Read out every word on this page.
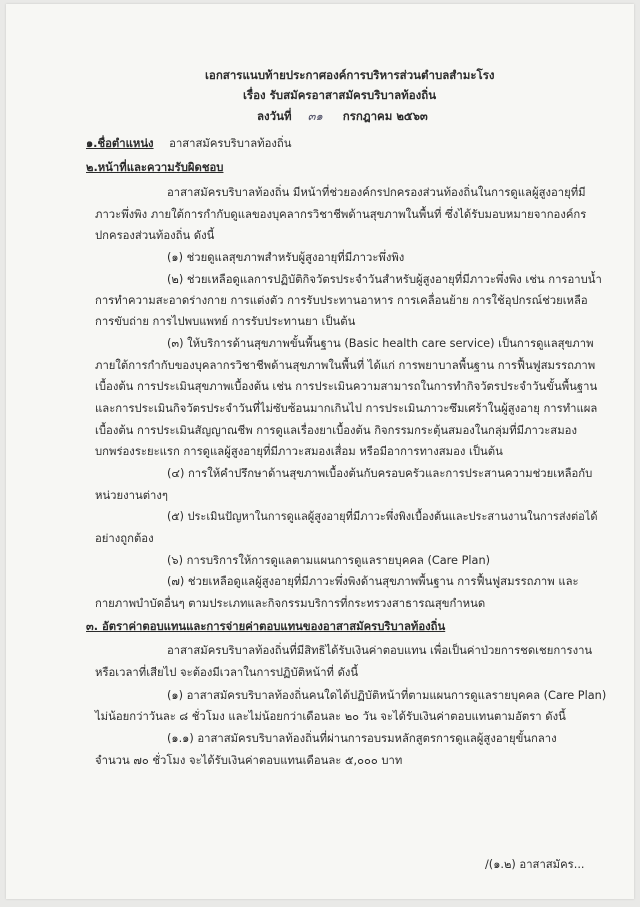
เอกสารแนบท้ายประกาศองค์การบริหารส่วนตำบลสำมะโรง
เรื่อง รับสมัครอาสาสมัครบริบาลท้องถิ่น
ลงวันที่ ๓๑ กรกฎาคม ๒๕๖๓
๑.ชื่อตำแหน่ง อาสาสมัครบริบาลท้องถิ่น
๒.หน้าที่และความรับผิดชอบ
อาสาสมัครบริบาลท้องถิ่น มีหน้าที่ช่วยองค์กรปกครองส่วนท้องถิ่นในการดูแลผู้สูงอายุที่มี
ภาวะพึ่งพิง ภายใต้การกำกับดูแลของบุคลากรวิชาชีพด้านสุขภาพในพื้นที่ ซึ่งได้รับมอบหมายจากองค์กร
ปกครองส่วนท้องถิ่น ดังนี้
(๑) ช่วยดูแลสุขภาพสำหรับผู้สูงอายุที่มีภาวะพึ่งพิง
(๒) ช่วยเหลือดูแลการปฏิบัติกิจวัตรประจำวันสำหรับผู้สูงอายุที่มีภาวะพึ่งพิง เช่น การอาบน้ำ
การทำความสะอาดร่างกาย การแต่งตัว การรับประทานอาหาร การเคลื่อนย้าย การใช้อุปกรณ์ช่วยเหลือ
การขับถ่าย การไปพบแพทย์ การรับประทานยา เป็นต้น
(๓) ให้บริการด้านสุขภาพขั้นพื้นฐาน (Basic health care service) เป็นการดูแลสุขภาพ
ภายใต้การกำกับของบุคลากรวิชาชีพด้านสุขภาพในพื้นที่ ได้แก่ การพยาบาลพื้นฐาน การฟื้นฟูสมรรถภาพ
เบื้องต้น การประเมินสุขภาพเบื้องต้น เช่น การประเมินความสามารถในการทำกิจวัตรประจำวันขั้นพื้นฐาน
และการประเมินกิจวัตรประจำวันที่ไม่ซับซ้อนมากเกินไป การประเมินภาวะซึมเศร้าในผู้สูงอายุ การทำแผล
เบื้องต้น การประเมินสัญญาณชีพ การดูแลเรื่องยาเบื้องต้น กิจกรรมกระตุ้นสมองในกลุ่มที่มีภาวะสมอง
บกพร่องระยะแรก การดูแลผู้สูงอายุที่มีภาวะสมองเสื่อม หรือมีอาการทางสมอง เป็นต้น
(๔) การให้คำปรึกษาด้านสุขภาพเบื้องต้นกับครอบครัวและการประสานความช่วยเหลือกับ
หน่วยงานต่างๆ
(๕) ประเมินปัญหาในการดูแลผู้สูงอายุที่มีภาวะพึ่งพิงเบื้องต้นและประสานงานในการส่งต่อได้
อย่างถูกต้อง
(๖) การบริการให้การดูแลตามแผนการดูแลรายบุคคล (Care Plan)
(๗) ช่วยเหลือดูแลผู้สูงอายุที่มีภาวะพึ่งพิงด้านสุขภาพพื้นฐาน การฟื้นฟูสมรรถภาพ และ
กายภาพบำบัดอื่นๆ ตามประเภทและกิจกรรมบริการที่กระทรวงสาธารณสุขกำหนด
๓. อัตราค่าตอบแทนและการจ่ายค่าตอบแทนของอาสาสมัครบริบาลท้องถิ่น
อาสาสมัครบริบาลท้องถิ่นที่มีสิทธิได้รับเงินค่าตอบแทน เพื่อเป็นค่าป่วยการชดเชยการงาน
หรือเวลาที่เสียไป จะต้องมีเวลาในการปฏิบัติหน้าที่ ดังนี้
(๑) อาสาสมัครบริบาลท้องถิ่นคนใดได้ปฏิบัติหน้าที่ตามแผนการดูแลรายบุคคล (Care Plan)
ไม่น้อยกว่าวันละ ๘ ชั่วโมง และไม่น้อยกว่าเดือนละ ๒๐ วัน จะได้รับเงินค่าตอบแทนตามอัตรา ดังนี้
(๑.๑) อาสาสมัครบริบาลท้องถิ่นที่ผ่านการอบรมหลักสูตรการดูแลผู้สูงอายุขั้นกลาง
จำนวน ๗๐ ชั่วโมง จะได้รับเงินค่าตอบแทนเดือนละ ๕,๐๐๐ บาท
/(๑.๒) อาสาสมัคร...
